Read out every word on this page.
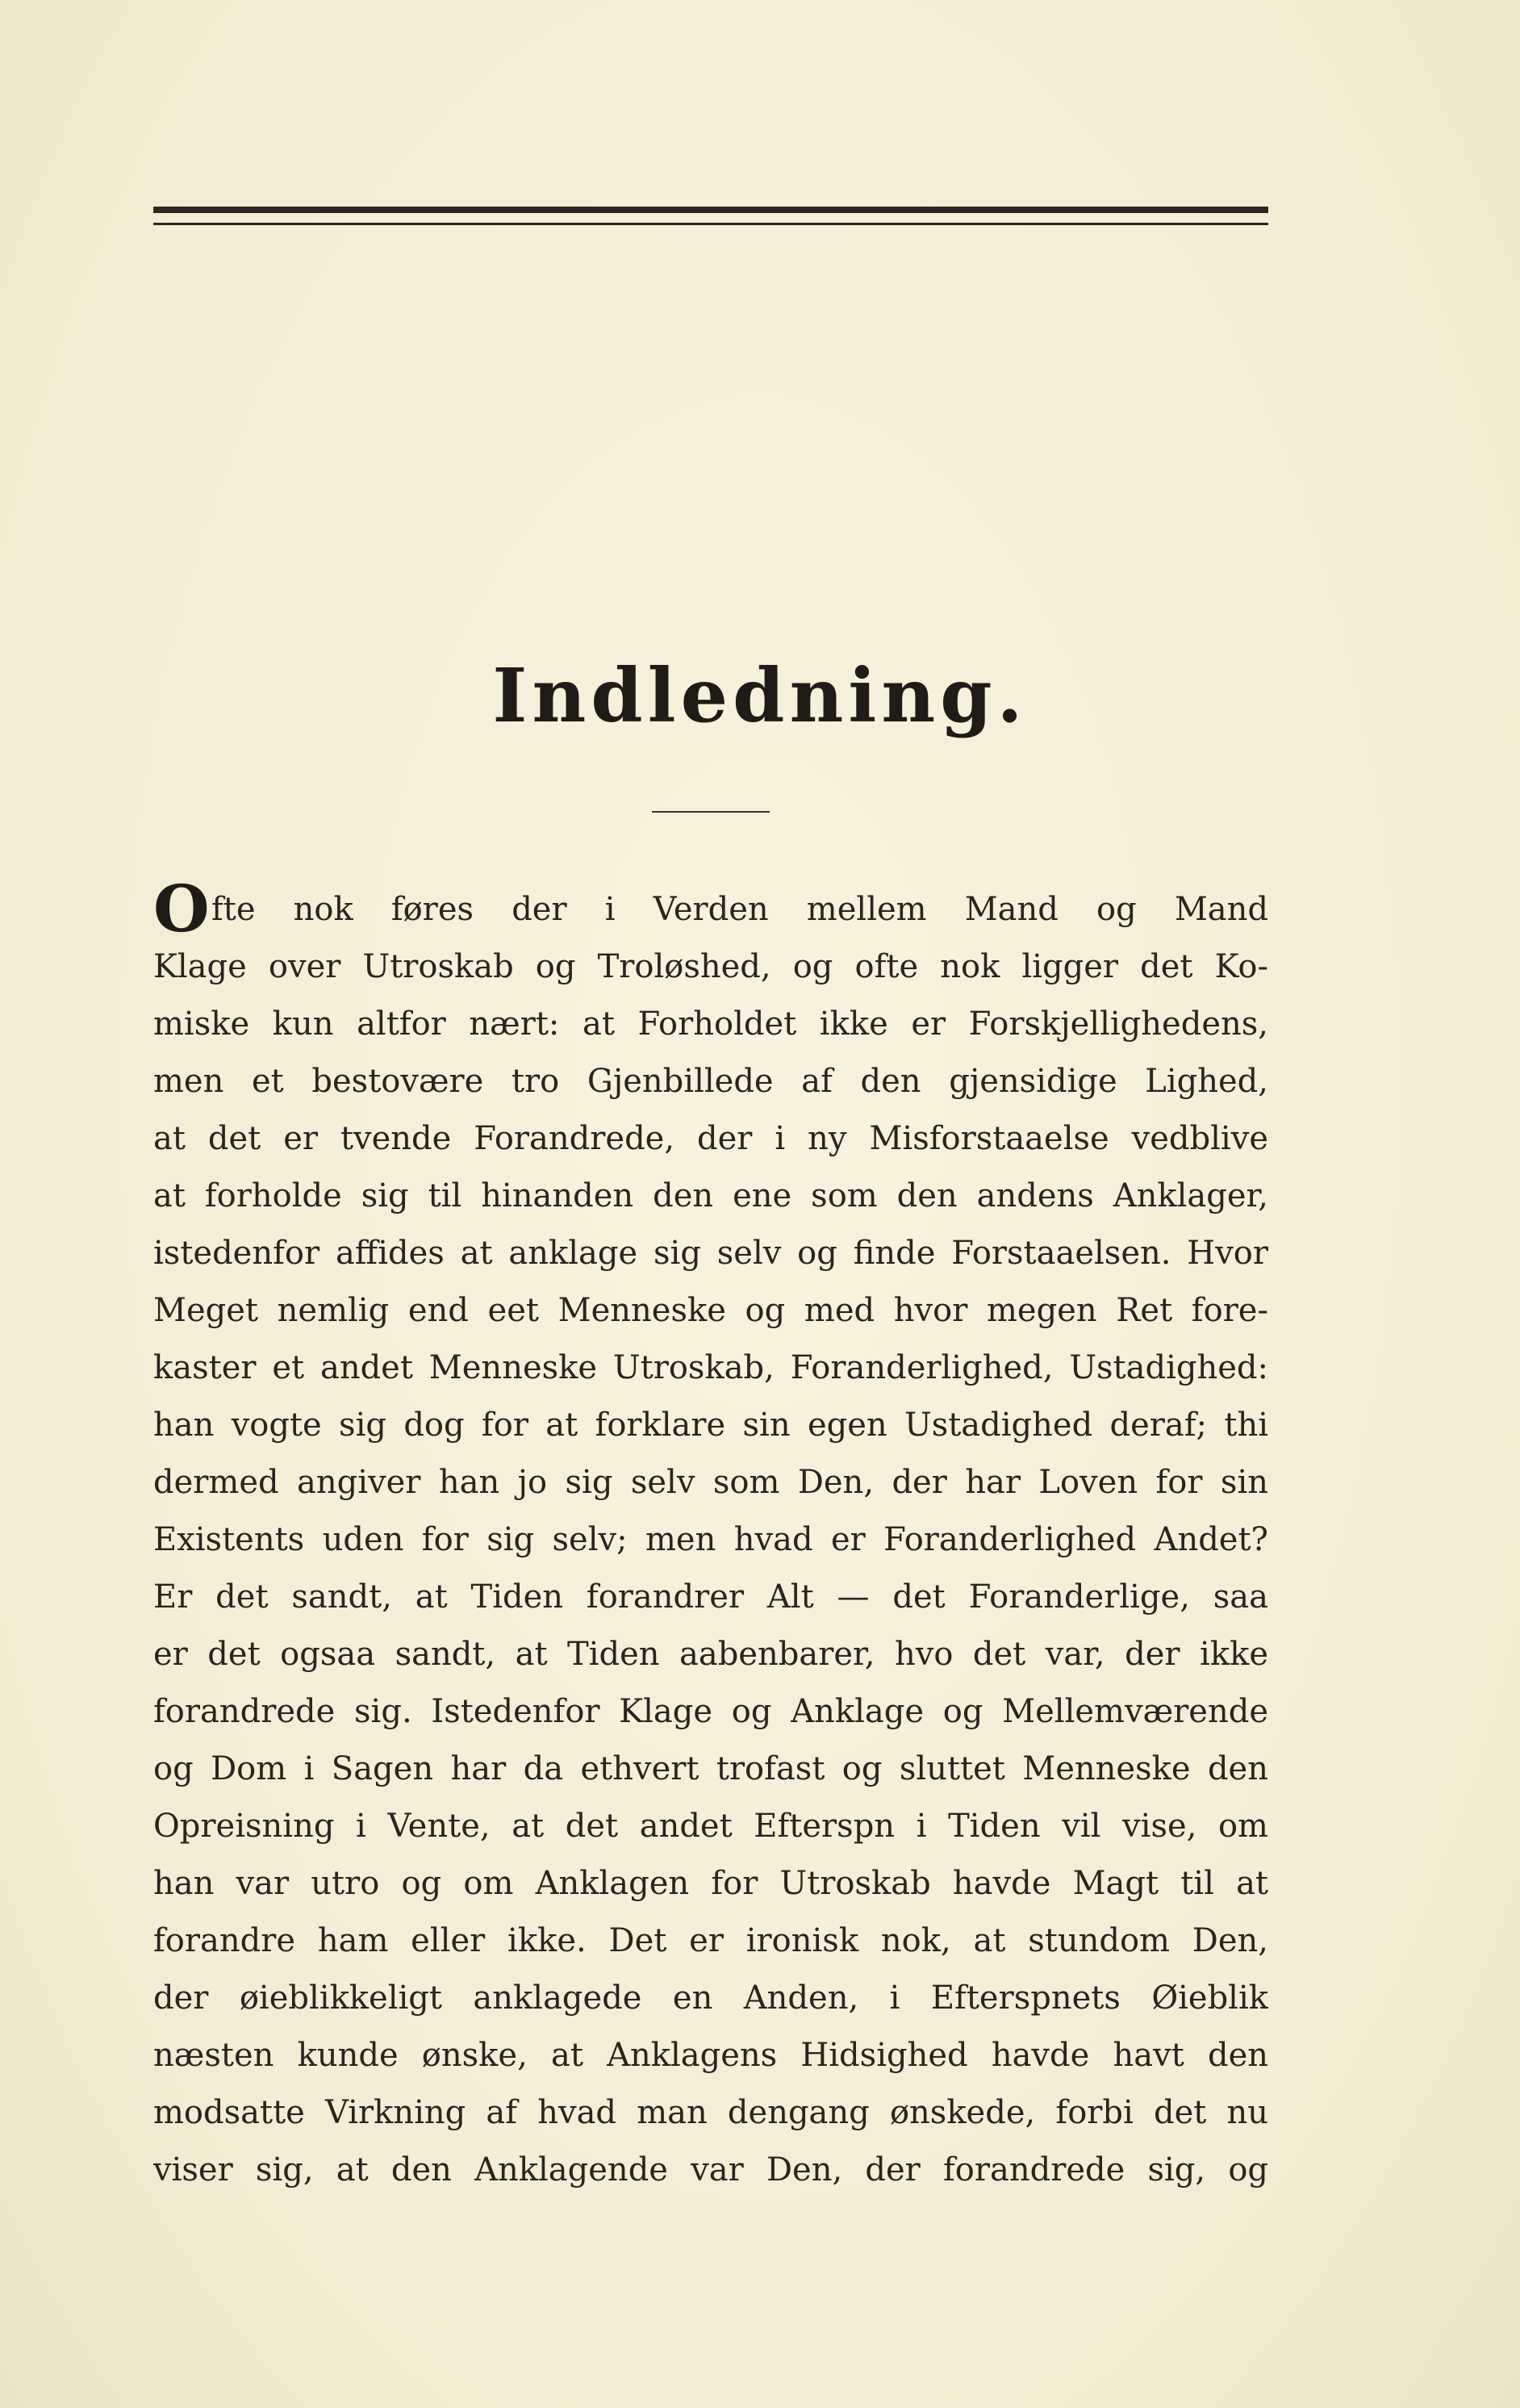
Indledning.
O fte nok føres der i Verden mellem Mand og Mand
Klage over Utroskab og Troløshed, og ofte nok ligger det Ko-
miske kun altfor nært: at Forholdet ikke er Forskjellighedens,
men et bestovære tro Gjenbillede af den gjensidige Lighed,
at det er tvende Forandrede, der i ny Misforstaaelse vedblive
at forholde sig til hinanden den ene som den andens Anklager,
istedenfor affides at anklage sig selv og finde Forstaaelsen. Hvor
Meget nemlig end eet Menneske og med hvor megen Ret fore-
kaster et andet Menneske Utroskab, Foranderlighed, Ustadighed:
han vogte sig dog for at forklare sin egen Ustadighed deraf; thi
dermed angiver han jo sig selv som Den, der har Loven for sin
Existents uden for sig selv; men hvad er Foranderlighed Andet?
Er det sandt, at Tiden forandrer Alt — det Foranderlige, saa
er det ogsaa sandt, at Tiden aabenbarer, hvo det var, der ikke
forandrede sig. Istedenfor Klage og Anklage og Mellemværende
og Dom i Sagen har da ethvert trofast og sluttet Menneske den
Opreisning i Vente, at det andet Efterspn i Tiden vil vise, om
han var utro og om Anklagen for Utroskab havde Magt til at
forandre ham eller ikke. Det er ironisk nok, at stundom Den,
der øieblikkeligt anklagede en Anden, i Efterspnets Øieblik
næsten kunde ønske, at Anklagens Hidsighed havde havt den
modsatte Virkning af hvad man dengang ønskede, forbi det nu
viser sig, at den Anklagende var Den, der forandrede sig, og
